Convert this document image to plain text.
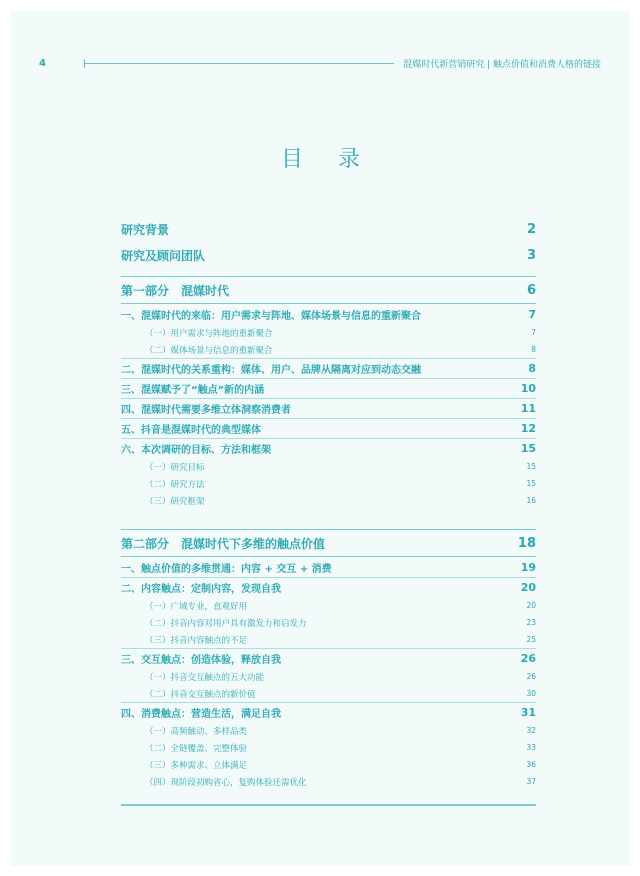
4	混媒时代新营销研究 | 触点价值和消费人格的链接
目 录
研究背景	2
研究及顾问团队	3
第一部分　混媒时代	6
一、混媒时代的来临：用户需求与阵地、媒体场景与信息的重新聚合	7
（一）用户需求与阵地的重新聚合	7
（二）媒体场景与信息的重新聚合	8
二、混媒时代的关系重构：媒体、用户、品牌从隔离对应到动态交融	8
三、混媒赋予了“触点”新的内涵	10
四、混媒时代需要多维立体洞察消费者	11
五、抖音是混媒时代的典型媒体	12
六、本次调研的目标、方法和框架	15
（一）研究目标	15
（二）研究方法	15
（三）研究框架	16
第二部分　混媒时代下多维的触点价值	18
一、触点价值的多维贯通：内容 + 交互 + 消费	19
二、内容触点：定制内容，发现自我	20
（一）广域专业，直观好用	20
（二）抖音内容对用户具有激发力和启发力	23
（三）抖音内容触点的不足	25
三、交互触点：创造体验，释放自我	26
（一）抖音交互触点的五大功能	26
（二）抖音交互触点的新价值	30
四、消费触点：营造生活，满足自我	31
（一）高频触动、多样品类	32
（二）全链覆盖、完整体验	33
（三）多种需求、立体满足	36
（四）现阶段初购省心，复购体验还需优化	37
